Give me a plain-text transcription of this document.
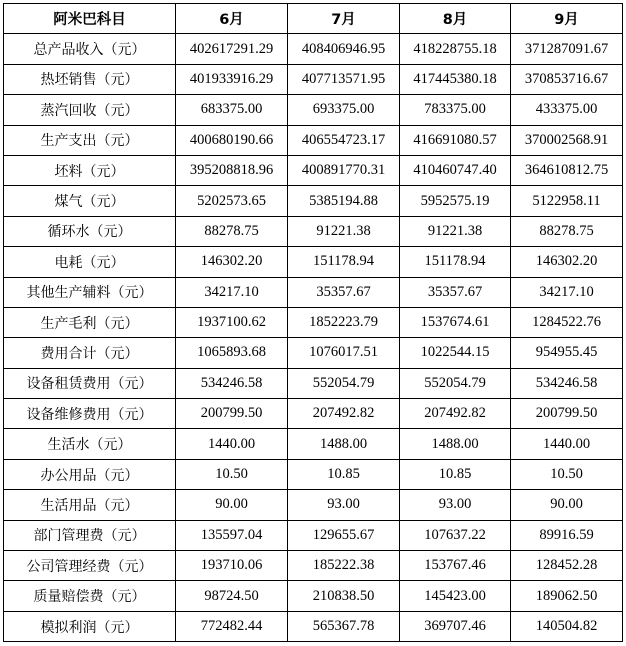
阿米巴科目	6月	7月	8月	9月
总产品收入（元）	402617291.29	408406946.95	418228755.18	371287091.67
热坯销售（元）	401933916.29	407713571.95	417445380.18	370853716.67
蒸汽回收（元）	683375.00	693375.00	783375.00	433375.00
生产支出（元）	400680190.66	406554723.17	416691080.57	370002568.91
坯料（元）	395208818.96	400891770.31	410460747.40	364610812.75
煤气（元）	5202573.65	5385194.88	5952575.19	5122958.11
循环水（元）	88278.75	91221.38	91221.38	88278.75
电耗（元）	146302.20	151178.94	151178.94	146302.20
其他生产辅料（元）	34217.10	35357.67	35357.67	34217.10
生产毛利（元）	1937100.62	1852223.79	1537674.61	1284522.76
费用合计（元）	1065893.68	1076017.51	1022544.15	954955.45
设备租赁费用（元）	534246.58	552054.79	552054.79	534246.58
设备维修费用（元）	200799.50	207492.82	207492.82	200799.50
生活水（元）	1440.00	1488.00	1488.00	1440.00
办公用品（元）	10.50	10.85	10.85	10.50
生活用品（元）	90.00	93.00	93.00	90.00
部门管理费（元）	135597.04	129655.67	107637.22	89916.59
公司管理经费（元）	193710.06	185222.38	153767.46	128452.28
质量赔偿费（元）	98724.50	210838.50	145423.00	189062.50
模拟利润（元）	772482.44	565367.78	369707.46	140504.82
